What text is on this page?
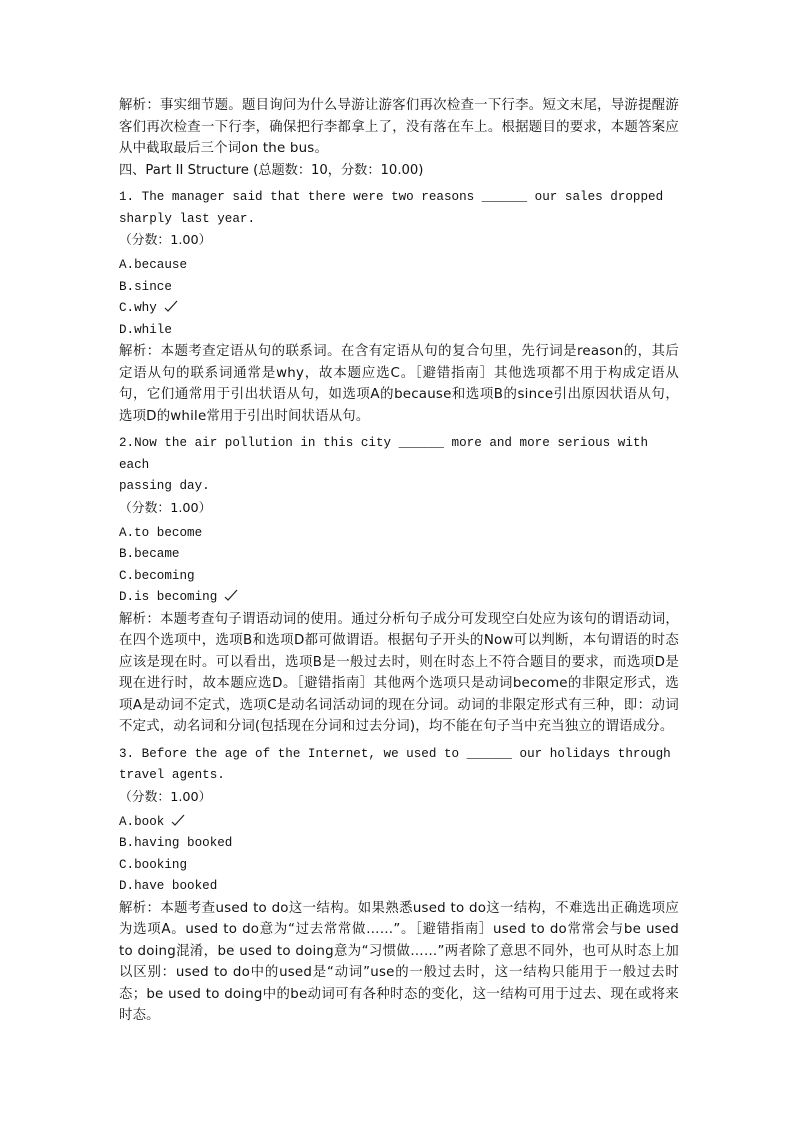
解析：事实细节题。题目询问为什么导游让游客们再次检查一下行李。短文末尾，导游提醒游客们再次检查一下行李，确保把行李都拿上了，没有落在车上。根据题目的要求，本题答案应从中截取最后三个词on the bus。

四、Part II Structure (总题数：10，分数：10.00)

1. The manager said that there were two reasons ______ our sales dropped

sharply last year.

（分数：1.00）

A.because

B.since

C.why

D.while

解析：本题考查定语从句的联系词。在含有定语从句的复合句里，先行词是reason的，其后定语从句的联系词通常是why，故本题应选C。［避错指南］其他选项都不用于构成定语从句，它们通常用于引出状语从句，如选项A的because和选项B的since引出原因状语从句，选项D的while常用于引出时间状语从句。

2.Now the air pollution in this city ______ more and more serious with each

passing day.

（分数：1.00）

A.to become

B.became

C.becoming

D.is becoming

解析：本题考查句子谓语动词的使用。通过分析句子成分可发现空白处应为该句的谓语动词，在四个选项中，选项B和选项D都可做谓语。根据句子开头的Now可以判断，本句谓语的时态应该是现在时。可以看出，选项B是一般过去时，则在时态上不符合题目的要求，而选项D是现在进行时，故本题应选D。［避错指南］其他两个选项只是动词become的非限定形式，选项A是动词不定式，选项C是动名词活动词的现在分词。动词的非限定形式有三种，即：动词不定式，动名词和分词(包括现在分词和过去分词)，均不能在句子当中充当独立的谓语成分。

3. Before the age of the Internet, we used to ______ our holidays through

travel agents.

（分数：1.00）

A.book

B.having booked

C.booking

D.have booked

解析：本题考查used to do这一结构。如果熟悉used to do这一结构，不难选出正确选项应为选项A。used to do意为“过去常常做……”。［避错指南］used to do常常会与be used to doing混淆，be used to doing意为“习惯做……”两者除了意思不同外，也可从时态上加以区别：used to do中的used是“动词”use的一般过去时，这一结构只能用于一般过去时态；be used to doing中的be动词可有各种时态的变化，这一结构可用于过去、现在或将来时态。
